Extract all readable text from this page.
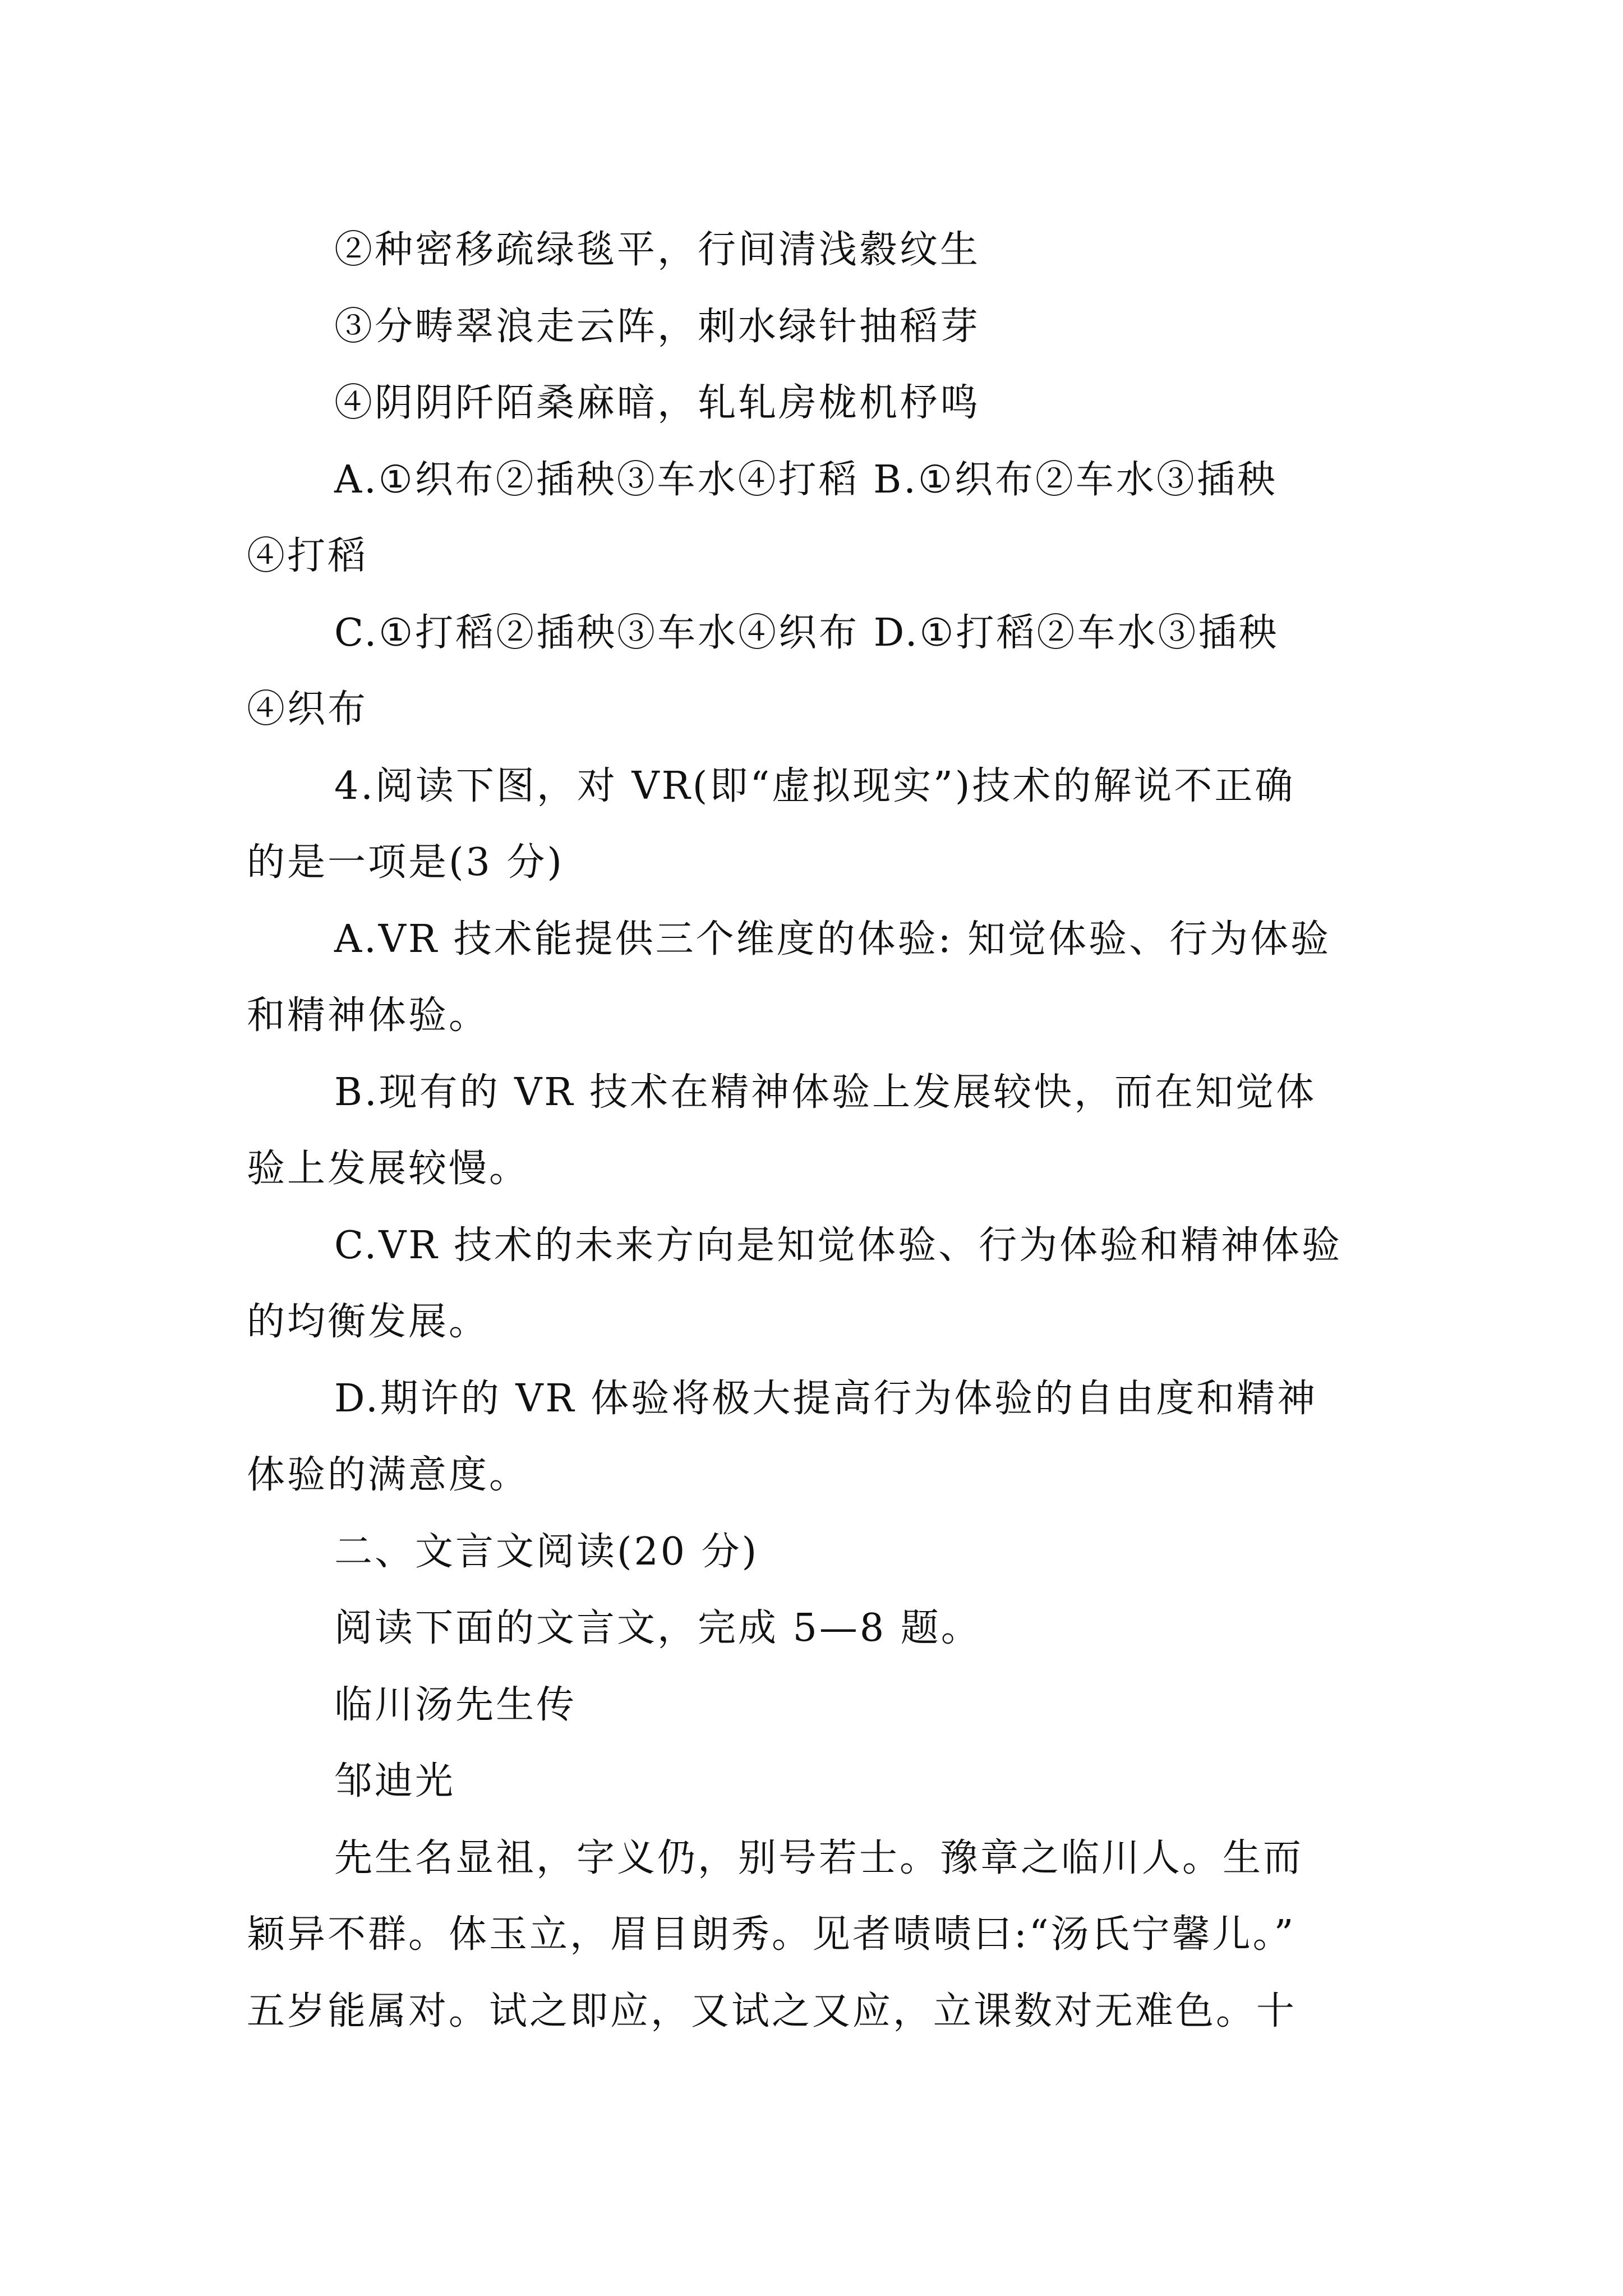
②种密移疏绿毯平，行间清浅縠纹生
③分畴翠浪走云阵，刺水绿针抽稻芽
④阴阴阡陌桑麻暗，轧轧房栊机杼鸣
A.①织布②插秧③车水④打稻 B.①织布②车水③插秧
④打稻
C.①打稻②插秧③车水④织布 D.①打稻②车水③插秧
④织布
4.阅读下图，对 VR(即“虚拟现实”)技术的解说不正确
的是一项是(3 分)
A.VR 技术能提供三个维度的体验: 知觉体验、行为体验
和精神体验。
B.现有的 VR 技术在精神体验上发展较快，而在知觉体
验上发展较慢。
C.VR 技术的未来方向是知觉体验、行为体验和精神体验
的均衡发展。
D.期许的 VR 体验将极大提高行为体验的自由度和精神
体验的满意度。
二、文言文阅读(20 分)
阅读下面的文言文，完成 5—8 题。
临川汤先生传
邹迪光
先生名显祖，字义仍，别号若士。豫章之临川人。生而
颖异不群。体玉立，眉目朗秀。见者啧啧曰:“汤氏宁馨儿。”
五岁能属对。试之即应，又试之又应，立课数对无难色。十
